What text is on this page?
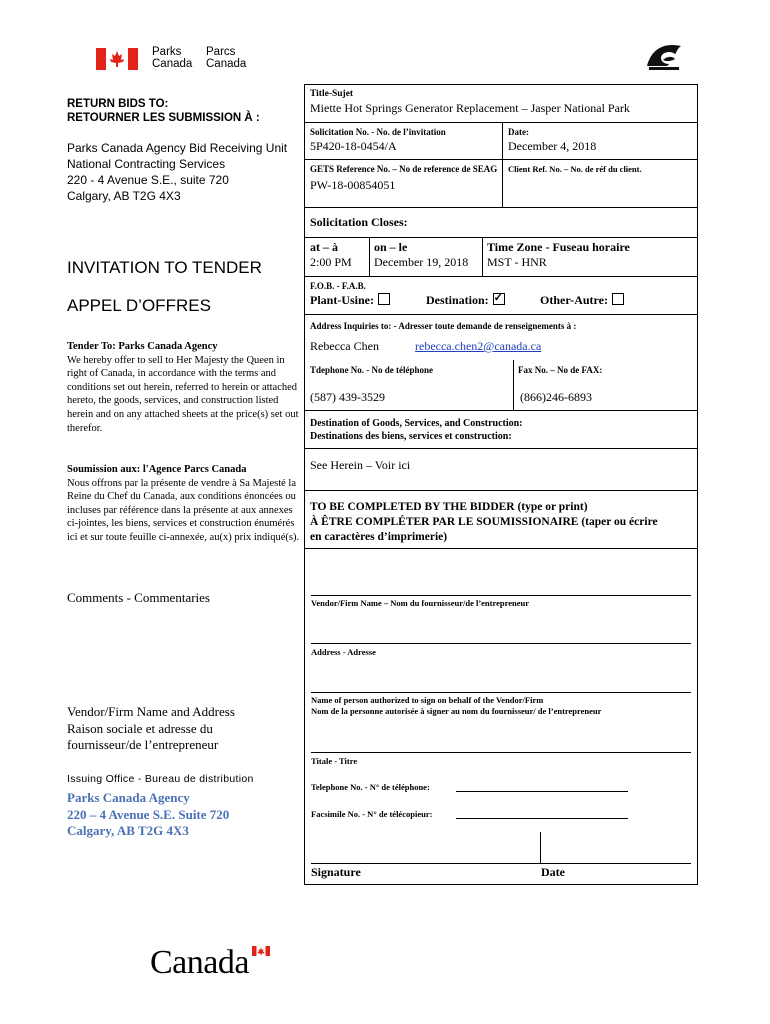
Parks
Canada
Parcs
Canada
RETURN BIDS TO:
RETOURNER LES SUBMISSION À :
Parks Canada Agency Bid Receiving Unit
National Contracting Services
220 - 4 Avenue S.E., suite 720
Calgary, AB T2G 4X3
INVITATION TO TENDER
APPEL D’OFFRES
Tender To: Parks Canada Agency
We hereby offer to sell to Her Majesty the Queen in right of Canada, in accordance with the terms and conditions set out herein, referred to herein or attached hereto, the goods, services, and construction listed herein and on any attached sheets at the price(s) set out therefor.
Soumission aux: l'Agence Parcs Canada
Nous offrons par la présente de vendre à Sa Majesté la Reine du Chef du Canada, aux conditions énoncées ou incluses par référence dans la présente at aux annexes ci-jointes, les biens, services et construction énumérés ici et sur toute feuille ci-annexée, au(x) prix indiqué(s).
Comments - Commentaries
Vendor/Firm Name and Address
Raison sociale et adresse du
fournisseur/de l’entrepreneur
Issuing Office - Bureau de distribution
Parks Canada Agency
220 – 4 Avenue S.E. Suite 720
Calgary, AB T2G 4X3
Title-Sujet
Miette Hot Springs Generator Replacement – Jasper National Park
Solicitation No. - No. de l’invitation
5P420-18-0454/A
Date:
December 4, 2018
GETS Reference No. – No de reference de SEAG
PW-18-00854051
Client Ref. No. – No. de réf du client.
Solicitation Closes:
at – à
2:00 PM
on – le
December 19, 2018
Time Zone - Fuseau horaire
MST - HNR
F.O.B. - F.A.B.
Plant-Usine:	Destination:✓	Other-Autre:
Address Inquiries to: - Adresser toute demande de renseignements à :
Rebecca Chen	rebecca.chen2@canada.ca
Tdephone No. - No de téléphone	Fax No. – No de FAX:
(587) 439-3529	(866)246-6893
Destination of Goods, Services, and Construction:
Destinations des biens, services et construction:
See Herein – Voir ici
TO BE COMPLETED BY THE BIDDER (type or print)
À ÊTRE COMPLÉTER PAR LE SOUMISSIONAIRE (taper ou écrire
en caractères d’imprimerie)
Vendor/Firm Name – Nom du fournisseur/de l’entrepreneur
Address - Adresse
Name of person authorized to sign on behalf of the Vendor/Firm
Nom de la personne autorisée à signer au nom du fournisseur/ de l’entrepreneur
Titale - Titre
Telephone No. - N° de téléphone:
Facsimile No. - N° de télécopieur:
Signature	Date
Canada
